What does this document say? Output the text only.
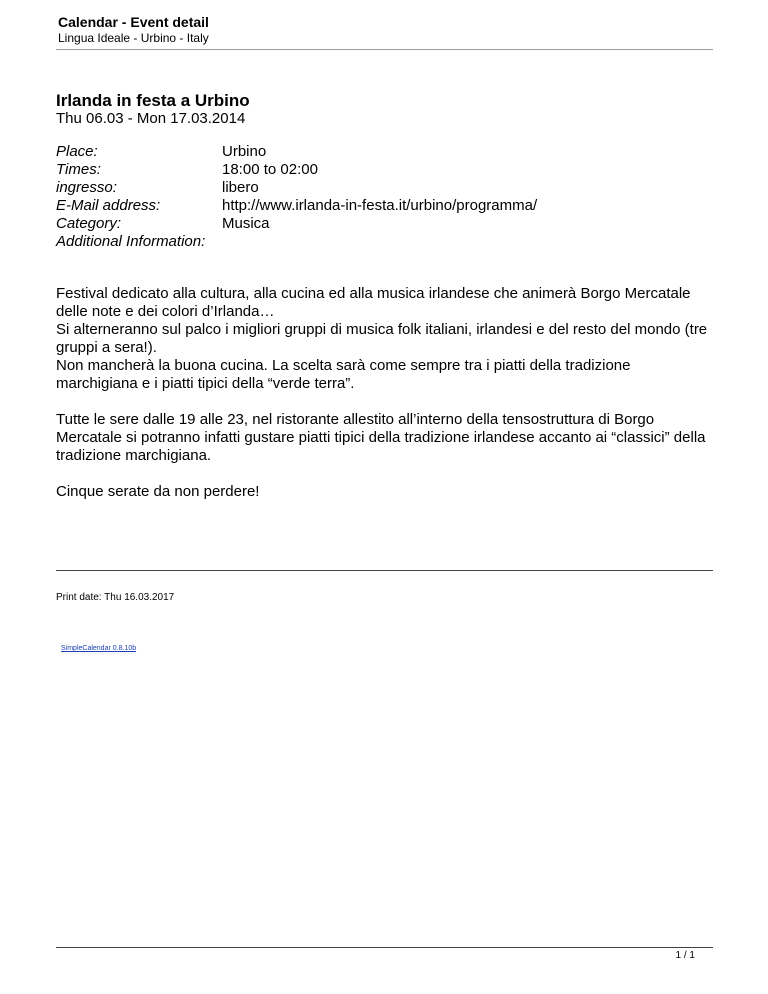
Calendar - Event detail
Lingua Ideale - Urbino - Italy
Irlanda in festa a Urbino
Thu 06.03 - Mon 17.03.2014
Place:	Urbino
Times:	18:00 to 02:00
ingresso:	libero
E-Mail address:	http://www.irlanda-in-festa.it/urbino/programma/
Category:	Musica
Additional Information:

Festival dedicato alla cultura, alla cucina ed alla musica irlandese che animerà Borgo Mercatale delle note e dei colori d’Irlanda…
Si alterneranno sul palco i migliori gruppi di musica folk italiani, irlandesi e del resto del mondo (tre gruppi a sera!).
Non mancherà la buona cucina. La scelta sarà come sempre tra i piatti della tradizione marchigiana e i piatti tipici della “verde terra”.

Tutte le sere dalle 19 alle 23, nel ristorante allestito all’interno della tensostruttura di Borgo Mercatale si potranno infatti gustare piatti tipici della tradizione irlandese accanto ai “classici” della tradizione marchigiana.

Cinque serate da non perdere!

Print date: Thu 16.03.2017
SimpleCalendar 0.8.10b
1 / 1
